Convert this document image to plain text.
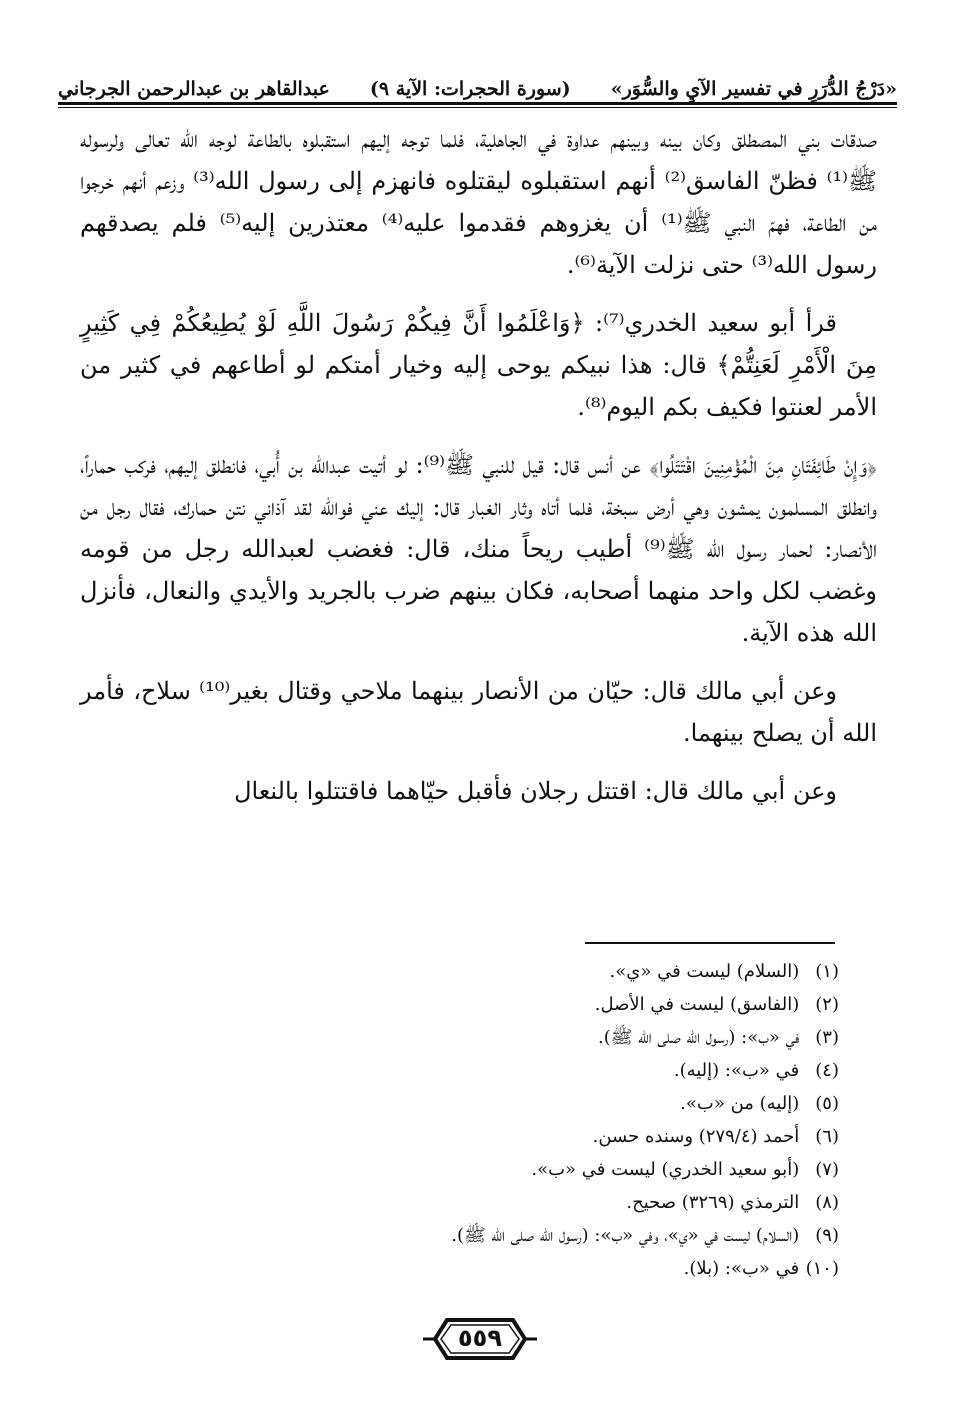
«دَرْجُ الدُّرَرِ في تفسير الآيِ والسُّوَر»
(سورة الحجرات: الآية ٩)
عبدالقاهر بن عبدالرحمن الجرجاني

صدقات بني المصطلق وكان بينه وبينهم عداوة في الجاهلية، فلما توجه إليهم استقبلوه بالطاعة لوجه الله تعالى ولرسوله ﷺ⁽¹⁾ فظنّ الفاسق⁽²⁾ أنهم استقبلوه ليقتلوه فانهزم إلى رسول الله⁽³⁾ وزعم أنهم خرجوا من الطاعة، فهمّ النبي ﷺ⁽¹⁾ أن يغزوهم فقدموا عليه⁽⁴⁾ معتذرين إليه⁽⁵⁾ فلم يصدقهم رسول الله⁽³⁾ حتى نزلت الآية⁽⁶⁾.

قرأ أبو سعيد الخدري⁽⁷⁾: ﴿وَاعْلَمُوا أَنَّ فِيكُمْ رَسُولَ اللَّهِ لَوْ يُطِيعُكُمْ فِي كَثِيرٍ مِنَ الْأَمْرِ لَعَنِتُّمْ﴾ قال: هذا نبيكم يوحى إليه وخيار أمتكم لو أطاعهم في كثير من الأمر لعنتوا فكيف بكم اليوم⁽⁸⁾.

﴿وَإِنْ طَائِفَتَانِ مِنَ الْمُؤْمِنِينَ اقْتَتَلُوا﴾ عن أنس قال: قيل للنبي ﷺ⁽⁹⁾: لو أتيت عبدالله بن أُبي، فانطلق إليهم، فركب حماراً، وانطلق المسلمون يمشون وهي أرض سبخة، فلما أتاه وثار الغبار قال: إليك عني فوالله لقد آذاني نتن حمارك، فقال رجل من الأنصار: لحمار رسول الله ﷺ⁽⁹⁾ أطيب ريحاً منك، قال: فغضب لعبدالله رجل من قومه وغضب لكل واحد منهما أصحابه، فكان بينهم ضرب بالجريد والأيدي والنعال، فأنزل الله هذه الآية.

وعن أبي مالك قال: حيّان من الأنصار بينهما ملاحي وقتال بغير⁽¹⁰⁾ سلاح، فأمر الله أن يصلح بينهما.

وعن أبي مالك قال: اقتتل رجلان فأقبل حيّاهما فاقتتلوا بالنعال

(١) (السلام) ليست في «ي».
(٢) (الفاسق) ليست في الأصل.
(٣) في «ب»: (رسول الله صلى الله ﷺ).
(٤) في «ب»: (إليه).
(٥) (إليه) من «ب».
(٦) أحمد (٢٧٩/٤) وسنده حسن.
(٧) (أبو سعيد الخدري) ليست في «ب».
(٨) الترمذي (٣٢٦٩) صحيح.
(٩) (السلام) ليست في «ي»، وفي «ب»: (رسول الله صلى الله ﷺ).
(١٠) في «ب»: (بلا).
٥٥٩
